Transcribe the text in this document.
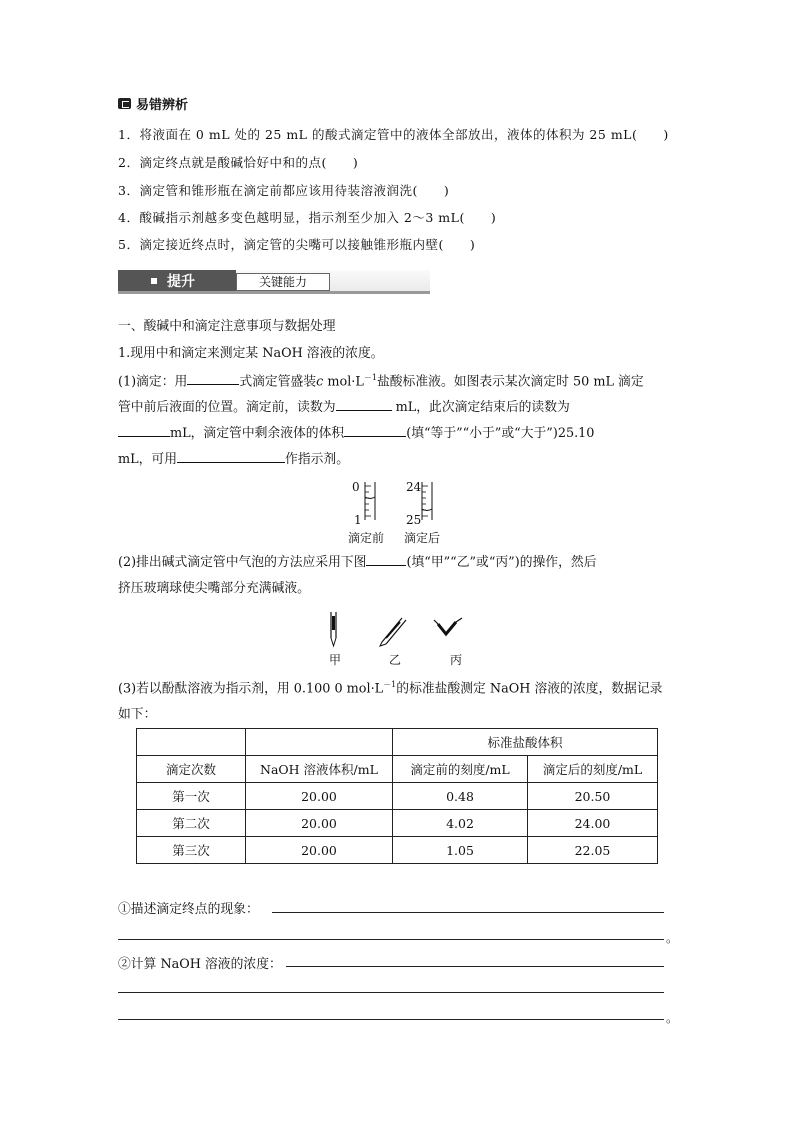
易错辨析
1．将液面在 0 mL 处的 25 mL 的酸式滴定管中的液体全部放出，液体的体积为 25 mL(　　)
2．滴定终点就是酸碱恰好中和的点(　　)
3．滴定管和锥形瓶在滴定前都应该用待装溶液润洗(　　)
4．酸碱指示剂越多变色越明显，指示剂至少加入 2～3 mL(　　)
5．滴定接近终点时，滴定管的尖嘴可以接触锥形瓶内壁(　　)
提升	关键能力
一、酸碱中和滴定注意事项与数据处理
1.现用中和滴定来测定某 NaOH 溶液的浓度。
(1)滴定：用	式滴定管盛装c $mol\cdot L^{-1}$盐酸标准液。如图表示某次滴定时 50 mL 滴定
管中前后液面的位置。滴定前，读数为	mL，此次滴定结束后的读数为
mL，滴定管中剩余液体的体积	(填“等于”“小于”或“大于”)25.10
mL，可用	作指示剂。
0
1
24
25
滴定前 滴定后
(2)排出碱式滴定管中气泡的方法应采用下图	(填“甲”“乙”或“丙”)的操作，然后
挤压玻璃球使尖嘴部分充满碱液。
甲	乙	丙
(3)若以酚酞溶液为指示剂，用 0.100 0 $mol\cdot L^{-1}$的标准盐酸测定 NaOH 溶液的浓度，数据记录
如下：
		标准盐酸体积	
滴定次数	NaOH 溶液体积/mL	滴定前的刻度/mL	滴定后的刻度/mL
第一次	20.00	0.48	20.50
第二次	20.00	4.02	24.00
第三次	20.00	1.05	22.05
①描述滴定终点的现象：
。
②计算 NaOH 溶液的浓度：
。
